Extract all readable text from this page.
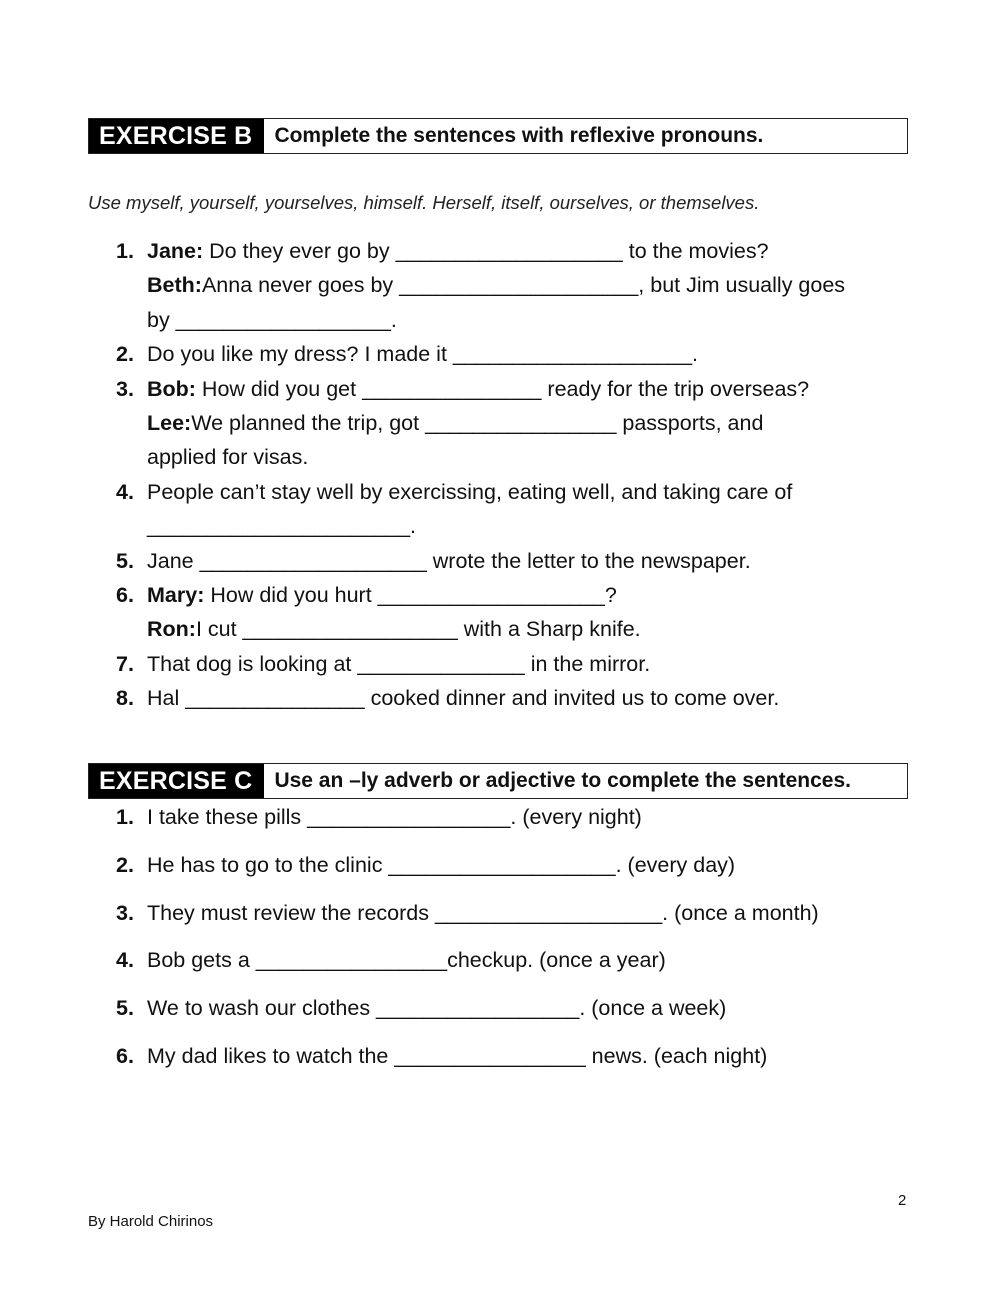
EXERCISE B	Complete the sentences with reflexive pronouns.
Use myself, yourself, yourselves, himself. Herself, itself, ourselves, or themselves.
1. Jane: Do they ever go by ___________________ to the movies?
Beth: Anna never goes by ____________________, but Jim usually goes
by __________________.
2. Do you like my dress? I made it ____________________.
3. Bob: How did you get _______________ ready for the trip overseas?
Lee: We planned the trip, got ________________ passports, and
applied for visas.
4. People can’t stay well by exercissing, eating well, and taking care of
______________________.
5. Jane ___________________ wrote the letter to the newspaper.
6. Mary: How did you hurt ___________________?
Ron: I cut __________________ with a Sharp knife.
7. That dog is looking at ______________ in the mirror.
8. Hal _______________ cooked dinner and invited us to come over.
EXERCISE C	Use an –ly adverb or adjective to complete the sentences.
1. I take these pills _________________. (every night)
2. He has to go to the clinic ___________________. (every day)
3. They must review the records ___________________. (once a month)
4. Bob gets a ________________checkup. (once a year)
5. We to wash our clothes _________________. (once a week)
6. My dad likes to watch the ________________ news. (each night)
2
By Harold Chirinos
